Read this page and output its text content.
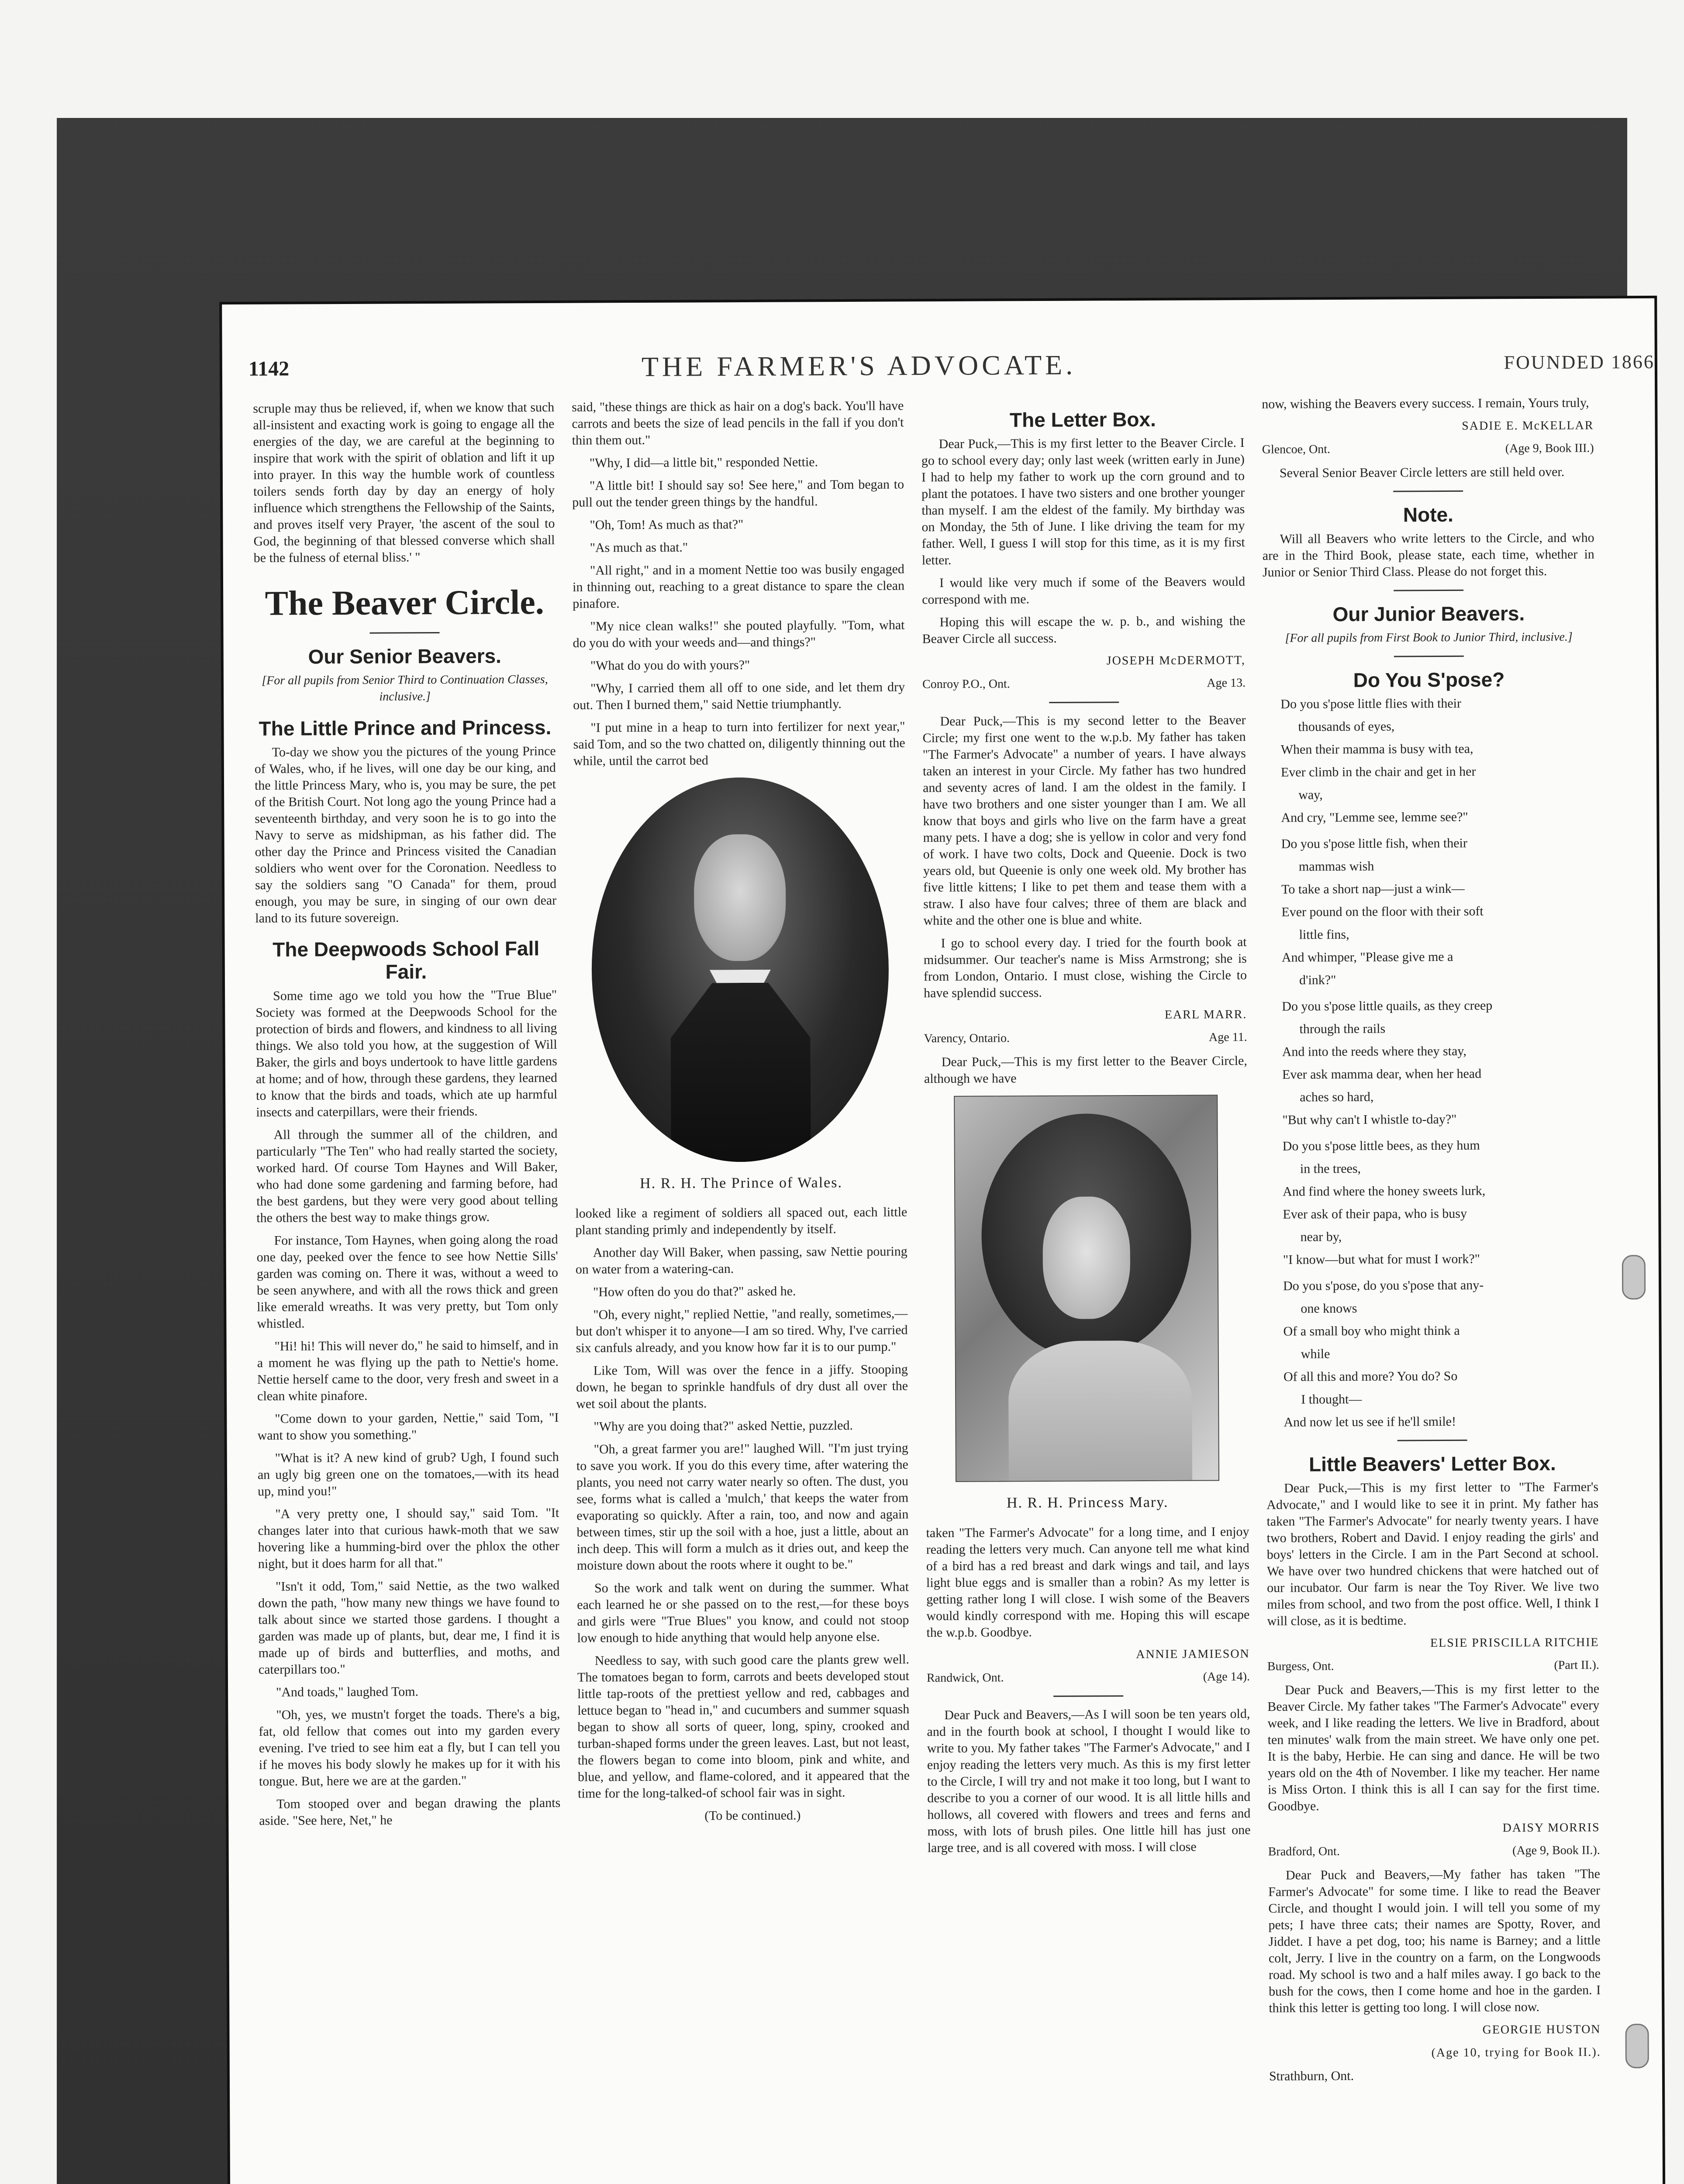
1142	THE FARMER'S ADVOCATE.	FOUNDED 1866

scruple may thus be relieved, if, when we know that such all-insistent and exacting work is going to engage all the energies of the day, we are careful at the beginning to inspire that work with the spirit of oblation and lift it up into prayer. In this way the humble work of countless toilers sends forth day by day an energy of holy influence which strengthens the Fellowship of the Saints, and proves itself very Prayer, 'the ascent of the soul to God, the beginning of that blessed converse which shall be the fulness of eternal bliss.' "

The Beaver Circle.
Our Senior Beavers.
[For all pupils from Senior Third to Continuation Classes, inclusive.]
The Little Prince and Princess.

To-day we show you the pictures of the young Prince of Wales, who, if he lives, will one day be our king, and the little Princess Mary, who is, you may be sure, the pet of the British Court. Not long ago the young Prince had a seventeenth birthday, and very soon he is to go into the Navy to serve as midshipman, as his father did. The other day the Prince and Princess visited the Canadian soldiers who went over for the Coronation. Needless to say the soldiers sang "O Canada" for them, proud enough, you may be sure, in singing of our own dear land to its future sovereign.

The Deepwoods School Fall Fair.

Some time ago we told you how the "True Blue" Society was formed at the Deepwoods School for the protection of birds and flowers, and kindness to all living things. We also told you how, at the suggestion of Will Baker, the girls and boys undertook to have little gardens at home; and of how, through these gardens, they learned to know that the birds and toads, which ate up harmful insects and caterpillars, were their friends.

All through the summer all of the children, and particularly "The Ten" who had really started the society, worked hard. Of course Tom Haynes and Will Baker, who had done some gardening and farming before, had the best gardens, but they were very good about telling the others the best way to make things grow.

For instance, Tom Haynes, when going along the road one day, peeked over the fence to see how Nettie Sills' garden was coming on. There it was, without a weed to be seen anywhere, and with all the rows thick and green like emerald wreaths. It was very pretty, but Tom only whistled.

"Hi! hi! This will never do," he said to himself, and in a moment he was flying up the path to Nettie's home. Nettie herself came to the door, very fresh and sweet in a clean white pinafore.

"Come down to your garden, Nettie," said Tom, "I want to show you something."

"What is it? A new kind of grub? Ugh, I found such an ugly big green one on the tomatoes,—with its head up, mind you!"

"A very pretty one, I should say," said Tom. "It changes later into that curious hawk-moth that we saw hovering like a humming-bird over the phlox the other night, but it does harm for all that."

"Isn't it odd, Tom," said Nettie, as the two walked down the path, "how many new things we have found to talk about since we started those gardens. I thought a garden was made up of plants, but, dear me, I find it is made up of birds and butterflies, and moths, and caterpillars too."

"And toads," laughed Tom.

"Oh, yes, we mustn't forget the toads. There's a big, fat, old fellow that comes out into my garden every evening. I've tried to see him eat a fly, but I can tell you if he moves his body slowly he makes up for it with his tongue. But, here we are at the garden."

Tom stooped over and began drawing the plants aside. "See here, Net," he

said, "these things are thick as hair on a dog's back. You'll have carrots and beets the size of lead pencils in the fall if you don't thin them out."

"Why, I did—a little bit," responded Nettie.

"A little bit! I should say so! See here," and Tom began to pull out the tender green things by the handful.

"Oh, Tom! As much as that?"

"As much as that."

"All right," and in a moment Nettie too was busily engaged in thinning out, reaching to a great distance to spare the clean pinafore.

"My nice clean walks!" she pouted playfully. "Tom, what do you do with your weeds and—and things?"

"What do you do with yours?"

"Why, I carried them all off to one side, and let them dry out. Then I burned them," said Nettie triumphantly.

"I put mine in a heap to turn into fertilizer for next year," said Tom, and so the two chatted on, diligently thinning out the while, until the carrot bed

H. R. H. The Prince of Wales.

looked like a regiment of soldiers all spaced out, each little plant standing primly and independently by itself.

Another day Will Baker, when passing, saw Nettie pouring on water from a watering-can.

"How often do you do that?" asked he.

"Oh, every night," replied Nettie, "and really, sometimes,—but don't whisper it to anyone—I am so tired. Why, I've carried six canfuls already, and you know how far it is to our pump."

Like Tom, Will was over the fence in a jiffy. Stooping down, he began to sprinkle handfuls of dry dust all over the wet soil about the plants.

"Why are you doing that?" asked Nettie, puzzled.

"Oh, a great farmer you are!" laughed Will. "I'm just trying to save you work. If you do this every time, after watering the plants, you need not carry water nearly so often. The dust, you see, forms what is called a 'mulch,' that keeps the water from evaporating so quickly. After a rain, too, and now and again between times, stir up the soil with a hoe, just a little, about an inch deep. This will form a mulch as it dries out, and keep the moisture down about the roots where it ought to be."

So the work and talk went on during the summer. What each learned he or she passed on to the rest,—for these boys and girls were "True Blues" you know, and could not stoop low enough to hide anything that would help anyone else.

Needless to say, with such good care the plants grew well. The tomatoes began to form, carrots and beets developed stout little tap-roots of the prettiest yellow and red, cabbages and lettuce began to "head in," and cucumbers and summer squash began to show all sorts of queer, long, spiny, crooked and turban-shaped forms under the green leaves. Last, but not least, the flowers began to come into bloom, pink and white, and blue, and yellow, and flame-colored, and it appeared that the time for the long-talked-of school fair was in sight.

(To be continued.)

The Letter Box.

Dear Puck,—This is my first letter to the Beaver Circle. I go to school every day; only last week (written early in June) I had to help my father to work up the corn ground and to plant the potatoes. I have two sisters and one brother younger than myself. I am the eldest of the family. My birthday was on Monday, the 5th of June. I like driving the team for my father. Well, I guess I will stop for this time, as it is my first letter.

I would like very much if some of the Beavers would correspond with me.

Hoping this will escape the w. p. b., and wishing the Beaver Circle all success.

JOSEPH McDERMOTT,

Conroy P.O., Ont.	Age 13.

Dear Puck,—This is my second letter to the Beaver Circle; my first one went to the w.p.b. My father has taken "The Farmer's Advocate" a number of years. I have always taken an interest in your Circle. My father has two hundred and seventy acres of land. I am the oldest in the family. I have two brothers and one sister younger than I am. We all know that boys and girls who live on the farm have a great many pets. I have a dog; she is yellow in color and very fond of work. I have two colts, Dock and Queenie. Dock is two years old, but Queenie is only one week old. My brother has five little kittens; I like to pet them and tease them with a straw. I also have four calves; three of them are black and white and the other one is blue and white.

I go to school every day. I tried for the fourth book at midsummer. Our teacher's name is Miss Armstrong; she is from London, Ontario. I must close, wishing the Circle to have splendid success.

EARL MARR.

Varency, Ontario.	Age 11.

Dear Puck,—This is my first letter to the Beaver Circle, although we have

H. R. H. Princess Mary.

taken "The Farmer's Advocate" for a long time, and I enjoy reading the letters very much. Can anyone tell me what kind of a bird has a red breast and dark wings and tail, and lays light blue eggs and is smaller than a robin? As my letter is getting rather long I will close. I wish some of the Beavers would kindly correspond with me. Hoping this will escape the w.p.b. Goodbye.

ANNIE JAMIESON

Randwick, Ont.	(Age 14).

Dear Puck and Beavers,—As I will soon be ten years old, and in the fourth book at school, I thought I would like to write to you. My father takes "The Farmer's Advocate," and I enjoy reading the letters very much. As this is my first letter to the Circle, I will try and not make it too long, but I want to describe to you a corner of our wood. It is all little hills and hollows, all covered with flowers and trees and ferns and moss, with lots of brush piles. One little hill has just one large tree, and is all covered with moss. I will close

now, wishing the Beavers every success. I remain, Yours truly,

SADIE E. McKELLAR

Glencoe, Ont.	(Age 9, Book III.)

Several Senior Beaver Circle letters are still held over.

Note.

Will all Beavers who write letters to the Circle, and who are in the Third Book, please state, each time, whether in Junior or Senior Third Class. Please do not forget this.

Our Junior Beavers.
[For all pupils from First Book to Junior Third, inclusive.]
Do You S'pose?

Do you s'pose little flies with their

thousands of eyes,

When their mamma is busy with tea,

Ever climb in the chair and get in her

way,

And cry, "Lemme see, lemme see?"

Do you s'pose little fish, when their

mammas wish

To take a short nap—just a wink—

Ever pound on the floor with their soft

little fins,

And whimper, "Please give me a

d'ink?"

Do you s'pose little quails, as they creep

through the rails

And into the reeds where they stay,

Ever ask mamma dear, when her head

aches so hard,

"But why can't I whistle to-day?"

Do you s'pose little bees, as they hum

in the trees,

And find where the honey sweets lurk,

Ever ask of their papa, who is busy

near by,

"I know—but what for must I work?"

Do you s'pose, do you s'pose that any-

one knows

Of a small boy who might think a

while

Of all this and more? You do? So

I thought—

And now let us see if he'll smile!

Little Beavers' Letter Box.

Dear Puck,—This is my first letter to "The Farmer's Advocate," and I would like to see it in print. My father has taken "The Farmer's Advocate" for nearly twenty years. I have two brothers, Robert and David. I enjoy reading the girls' and boys' letters in the Circle. I am in the Part Second at school. We have over two hundred chickens that were hatched out of our incubator. Our farm is near the Toy River. We live two miles from school, and two from the post office. Well, I think I will close, as it is bedtime.

ELSIE PRISCILLA RITCHIE

Burgess, Ont.	(Part II.).

Dear Puck and Beavers,—This is my first letter to the Beaver Circle. My father takes "The Farmer's Advocate" every week, and I like reading the letters. We live in Bradford, about ten minutes' walk from the main street. We have only one pet. It is the baby, Herbie. He can sing and dance. He will be two years old on the 4th of November. I like my teacher. Her name is Miss Orton. I think this is all I can say for the first time. Goodbye.

DAISY MORRIS

Bradford, Ont.	(Age 9, Book II.).

Dear Puck and Beavers,—My father has taken "The Farmer's Advocate" for some time. I like to read the Beaver Circle, and thought I would join. I will tell you some of my pets; I have three cats; their names are Spotty, Rover, and Jiddet. I have a pet dog, too; his name is Barney; and a little colt, Jerry. I live in the country on a farm, on the Longwoods road. My school is two and a half miles away. I go back to the bush for the cows, then I come home and hoe in the garden. I think this letter is getting too long. I will close now.

GEORGIE HUSTON

(Age 10, trying for Book II.).

Strathburn, Ont.
